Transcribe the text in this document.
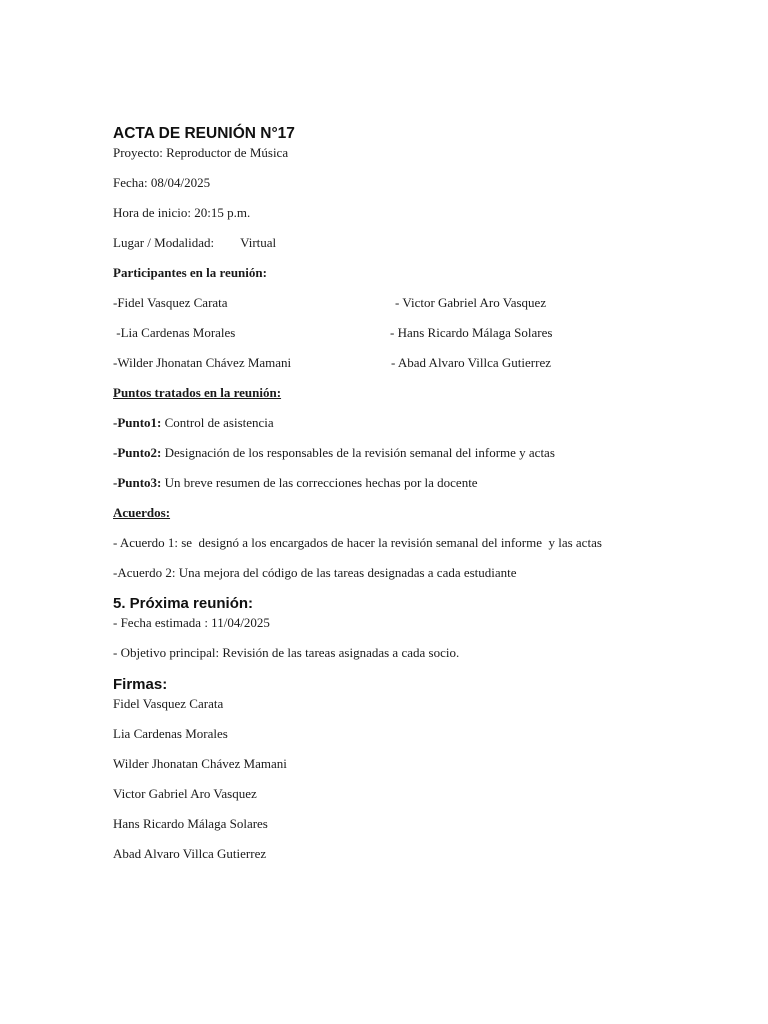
ACTA DE REUNIÓN N°17

Proyecto: Reproductor de Música

Fecha: 08/04/2025

Hora de inicio: 20:15 p.m.

Lugar / Modalidad: Virtual

Participantes en la reunión:

-Fidel Vasquez Carata	- Victor Gabriel Aro Vasquez
-Lia Cardenas Morales	- Hans Ricardo Málaga Solares
-Wilder Jhonatan Chávez Mamani	- Abad Alvaro Villca Gutierrez

Puntos tratados en la reunión:

-Punto1: Control de asistencia

-Punto2: Designación de los responsables de la revisión semanal del informe y actas

-Punto3: Un breve resumen de las correcciones hechas por la docente

Acuerdos:

- Acuerdo 1: se  designó a los encargados de hacer la revisión semanal del informe  y las actas

-Acuerdo 2: Una mejora del código de las tareas designadas a cada estudiante

5. Próxima reunión:

- Fecha estimada : 11/04/2025

- Objetivo principal: Revisión de las tareas asignadas a cada socio.

Firmas:

Fidel Vasquez Carata

Lia Cardenas Morales

Wilder Jhonatan Chávez Mamani

Victor Gabriel Aro Vasquez

Hans Ricardo Málaga Solares

Abad Alvaro Villca Gutierrez
